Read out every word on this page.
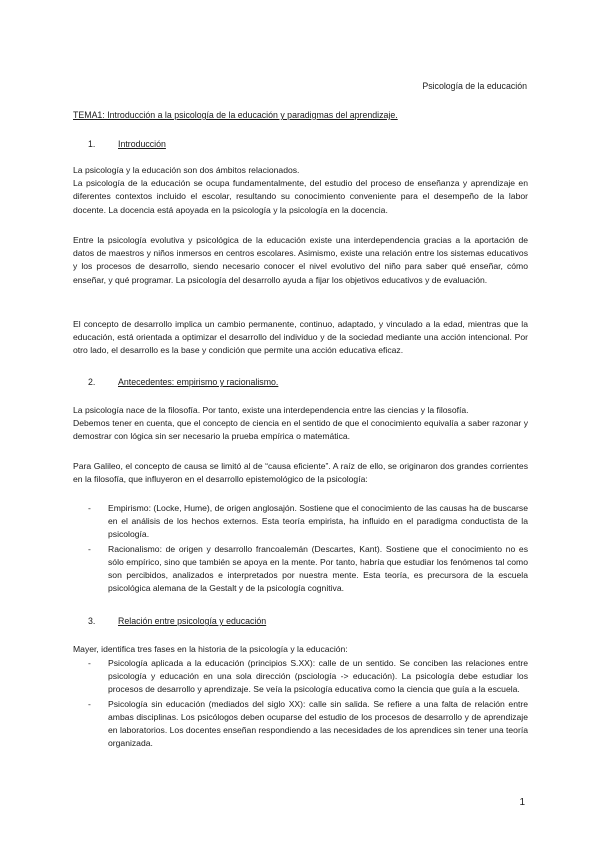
Psicología de la educación
TEMA1: Introducción a la psicología de la educación y paradigmas del aprendizaje.
1.	Introducción

La psicología y la educación son dos ámbitos relacionados.

La psicología de la educación se ocupa fundamentalmente, del estudio del proceso de enseñanza y aprendizaje en diferentes contextos incluido el escolar, resultando su conocimiento conveniente para el desempeño de la labor docente. La docencia está apoyada en la psicología y la psicología en la docencia.

Entre la psicología evolutiva y psicológica de la educación existe una interdependencia gracias a la aportación de datos de maestros y niños inmersos en centros escolares. Asimismo, existe una relación entre los sistemas educativos y los procesos de desarrollo, siendo necesario conocer el nivel evolutivo del niño para saber qué enseñar, cómo enseñar, y qué programar. La psicología del desarrollo ayuda a fijar los objetivos educativos y de evaluación.

El concepto de desarrollo implica un cambio permanente, continuo, adaptado, y vinculado a la edad, mientras que la educación, está orientada a optimizar el desarrollo del individuo y de la sociedad mediante una acción intencional. Por otro lado, el desarrollo es la base y condición que permite una acción educativa eficaz.

2.	Antecedentes: empirismo y racionalismo.

La psicología nace de la filosofía. Por tanto, existe una interdependencia entre las ciencias y la filosofía.

Debemos tener en cuenta, que el concepto de ciencia en el sentido de que el conocimiento equivalía a saber razonar y demostrar con lógica sin ser necesario la prueba empírica o matemática.

Para Galileo, el concepto de causa se limitó al de “causa eficiente”. A raíz de ello, se originaron dos grandes corrientes en la filosofía, que influyeron en el desarrollo epistemológico de la psicología:

- Empirismo: (Locke, Hume), de origen anglosajón. Sostiene que el conocimiento de las causas ha de buscarse en el análisis de los hechos externos. Esta teoría empirista, ha influido en el paradigma conductista de la psicología.
- Racionalismo: de origen y desarrollo francoalemán (Descartes, Kant). Sostiene que el conocimiento no es sólo empírico, sino que también se apoya en la mente. Por tanto, habría que estudiar los fenómenos tal como son percibidos, analizados e interpretados por nuestra mente. Esta teoría, es precursora de la escuela psicológica alemana de la Gestalt y de la psicología cognitiva.
3.	Relación entre psicología y educación

Mayer, identifica tres fases en la historia de la psicología y la educación:

- Psicología aplicada a la educación (principios S.XX): calle de un sentido. Se conciben las relaciones entre psicología y educación en una sola dirección (psciología -> educación). La psicología debe estudiar los procesos de desarrollo y aprendizaje. Se veía la psicología educativa como la ciencia que guía a la escuela.
- Psicología sin educación (mediados del siglo XX): calle sin salida. Se refiere a una falta de relación entre ambas disciplinas. Los psicólogos deben ocuparse del estudio de los procesos de desarrollo y de aprendizaje en laboratorios. Los docentes enseñan respondiendo a las necesidades de los aprendices sin tener una teoría organizada.
1
